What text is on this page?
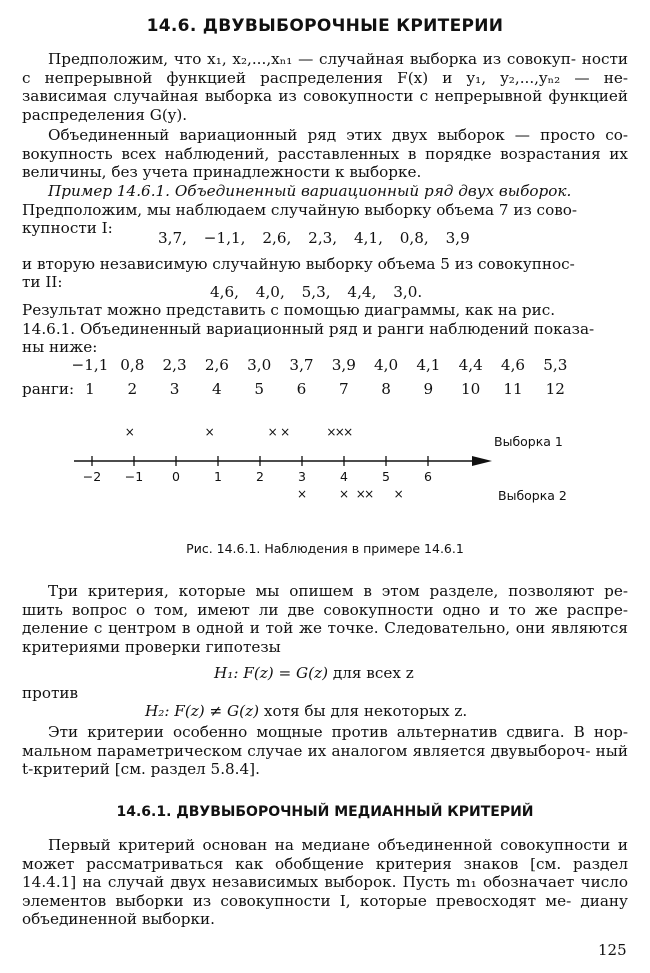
14.6. ДВУВЫБОРОЧНЫЕ КРИТЕРИИ
Предположим, что x₁, x₂,...,xₙ₁ — случайная выборка из совокуп- ности с непрерывной функцией распределения F(x) и y₁, y₂,...,yₙ₂ — не- зависимая случайная выборка из совокупности с непрерывной функцией распределения G(y).
Объединенный вариационный ряд этих двух выборок — просто со- вокупность всех наблюдений, расставленных в порядке возрастания их величины, без учета принадлежности к выборке.
Пример 14.6.1. Объединенный вариационный ряд двух выборок.
Предположим, мы наблюдаем случайную выборку объема 7 из сово-
купности I:
3,7, −1,1, 2,6, 2,3, 4,1, 0,8, 3,9
и вторую независимую случайную выборку объема 5 из совокупнос-
ти II:
4,6, 4,0, 5,3, 4,4, 3,0.
Результат можно представить с помощью диаграммы, как на рис.
14.6.1. Объединенный вариационный ряд и ранги наблюдений показа-
ны ниже:
−1,1 0,8	2,3	2,6	3,0	3,7	3,9	4,0	4,1	4,4	4,6	5,3
ранги: 1	2	3	4	5	6	7	8	9	10	11	12
Выборка 1
Выборка 2
−2 −1 0	1	2	3	4	5	6
×	×	× ×	×
×
×
×	× ×
× ×
Рис. 14.6.1. Наблюдения в примере 14.6.1
Три критерия, которые мы опишем в этом разделе, позволяют ре- шить вопрос о том, имеют ли две совокупности одно и то же распре- деление с центром в одной и той же точке. Следовательно, они являются критериями проверки гипотезы
H₁: F(z) = G(z) для всех z
против
H₂: F(z) ≠ G(z) хотя бы для некоторых z.
Эти критерии особенно мощные против альтернатив сдвига. В нор- мальном параметрическом случае их аналогом является двувыбороч- ный t-критерий [см. раздел 5.8.4].
14.6.1. ДВУВЫБОРОЧНЫЙ МЕДИАННЫЙ КРИТЕРИЙ
Первый критерий основан на медиане объединенной совокупности и может рассматриваться как обобщение критерия знаков [см. раздел 14.4.1] на случай двух независимых выборок. Пусть m₁ обозначает число элементов выборки из совокупности I, которые превосходят ме- диану объединенной выборки.
125
